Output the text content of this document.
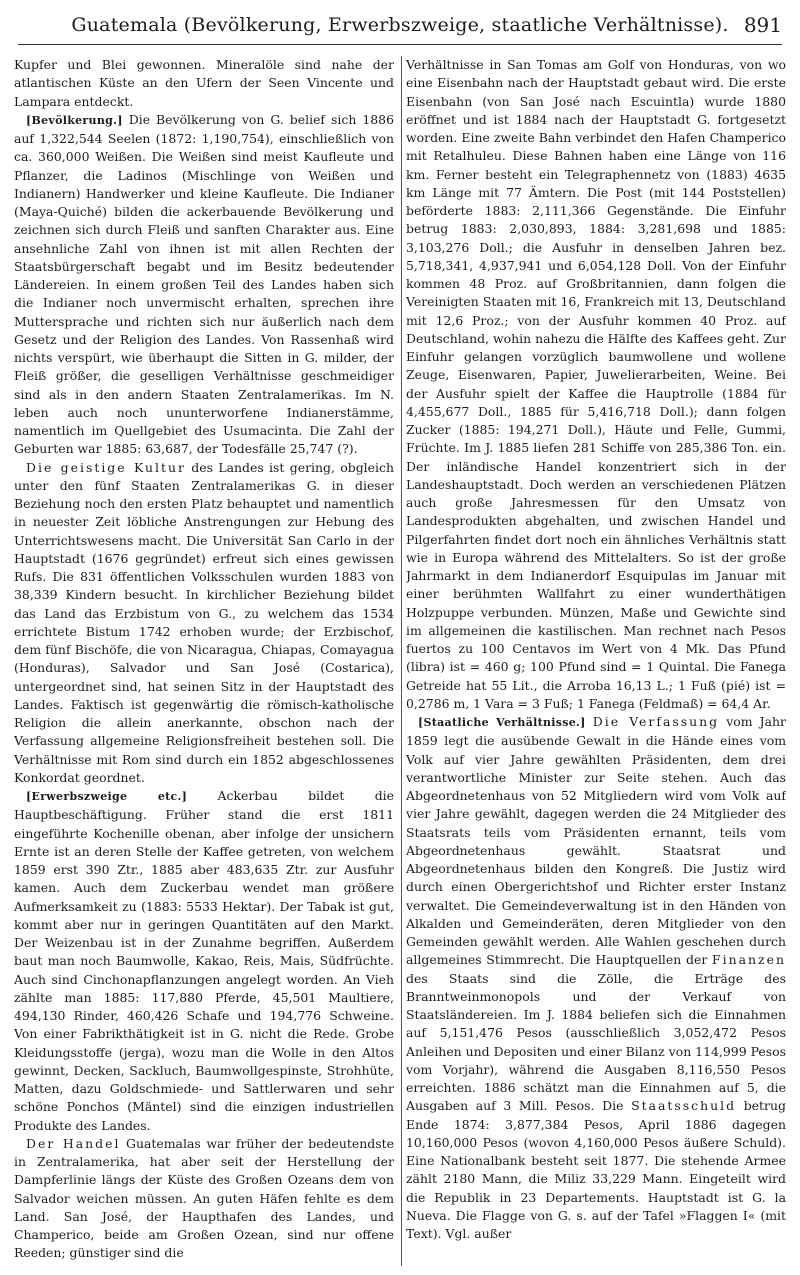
Guatemala (Bevölkerung, Erwerbszweige, staatliche Verhältnisse). 891

Kupfer und Blei gewonnen. Mineralöle sind nahe der atlantischen Küste an den Ufern der Seen Vincente und Lampara entdeckt.

[Bevölkerung.] Die Bevölkerung von G. belief sich 1886 auf 1,322,544 Seelen (1872: 1,190,754), einschließlich von ca. 360,000 Weißen. Die Weißen sind meist Kaufleute und Pflanzer, die Ladinos (Mischlinge von Weißen und Indianern) Handwerker und kleine Kaufleute. Die Indianer (Maya-Quiché) bilden die ackerbauende Bevölkerung und zeichnen sich durch Fleiß und sanften Charakter aus. Eine ansehnliche Zahl von ihnen ist mit allen Rechten der Staatsbürgerschaft begabt und im Besitz bedeutender Ländereien. In einem großen Teil des Landes haben sich die Indianer noch unvermischt erhalten, sprechen ihre Muttersprache und richten sich nur äußerlich nach dem Gesetz und der Religion des Landes. Von Rassenhaß wird nichts verspürt, wie überhaupt die Sitten in G. milder, der Fleiß größer, die geselligen Verhältnisse geschmeidiger sind als in den andern Staaten Zentralamerikas. Im N. leben auch noch ununterworfene Indianerstämme, namentlich im Quellgebiet des Usumacinta. Die Zahl der Geburten war 1885: 63,687, der Todesfälle 25,747 (?).

Die geistige Kultur des Landes ist gering, obgleich unter den fünf Staaten Zentralamerikas G. in dieser Beziehung noch den ersten Platz behauptet und namentlich in neuester Zeit löbliche Anstrengungen zur Hebung des Unterrichtswesens macht. Die Universität San Carlo in der Hauptstadt (1676 gegründet) erfreut sich eines gewissen Rufs. Die 831 öffentlichen Volksschulen wurden 1883 von 38,339 Kindern besucht. In kirchlicher Beziehung bildet das Land das Erzbistum von G., zu welchem das 1534 errichtete Bistum 1742 erhoben wurde; der Erzbischof, dem fünf Bischöfe, die von Nicaragua, Chiapas, Comayagua (Honduras), Salvador und San José (Costarica), untergeordnet sind, hat seinen Sitz in der Hauptstadt des Landes. Faktisch ist gegenwärtig die römisch-katholische Religion die allein anerkannte, obschon nach der Verfassung allgemeine Religionsfreiheit bestehen soll. Die Verhältnisse mit Rom sind durch ein 1852 abgeschlossenes Konkordat geordnet.

[Erwerbszweige etc.] Ackerbau bildet die Hauptbeschäftigung. Früher stand die erst 1811 eingeführte Kochenille obenan, aber infolge der unsichern Ernte ist an deren Stelle der Kaffee getreten, von welchem 1859 erst 390 Ztr., 1885 aber 483,635 Ztr. zur Ausfuhr kamen. Auch dem Zuckerbau wendet man größere Aufmerksamkeit zu (1883: 5533 Hektar). Der Tabak ist gut, kommt aber nur in geringen Quantitäten auf den Markt. Der Weizenbau ist in der Zunahme begriffen. Außerdem baut man noch Baumwolle, Kakao, Reis, Mais, Südfrüchte. Auch sind Cinchonapflanzungen angelegt worden. An Vieh zählte man 1885: 117,880 Pferde, 45,501 Maultiere, 494,130 Rinder, 460,426 Schafe und 194,776 Schweine. Von einer Fabrikthätigkeit ist in G. nicht die Rede. Grobe Kleidungsstoffe (jerga), wozu man die Wolle in den Altos gewinnt, Decken, Sackluch, Baumwollgespinste, Strohhüte, Matten, dazu Goldschmiede- und Sattlerwaren und sehr schöne Ponchos (Mäntel) sind die einzigen industriellen Produkte des Landes.

Der Handel Guatemalas war früher der bedeutendste in Zentralamerika, hat aber seit der Herstellung der Dampferlinie längs der Küste des Großen Ozeans dem von Salvador weichen müssen. An guten Häfen fehlte es dem Land. San José, der Haupthafen des Landes, und Champerico, beide am Großen Ozean, sind nur offene Reeden; günstiger sind die

Verhältnisse in San Tomas am Golf von Honduras, von wo eine Eisenbahn nach der Hauptstadt gebaut wird. Die erste Eisenbahn (von San José nach Escuintla) wurde 1880 eröffnet und ist 1884 nach der Hauptstadt G. fortgesetzt worden. Eine zweite Bahn verbindet den Hafen Champerico mit Retalhuleu. Diese Bahnen haben eine Länge von 116 km. Ferner besteht ein Telegraphennetz von (1883) 4635 km Länge mit 77 Ämtern. Die Post (mit 144 Poststellen) beförderte 1883: 2,111,366 Gegenstände. Die Einfuhr betrug 1883: 2,030,893, 1884: 3,281,698 und 1885: 3,103,276 Doll.; die Ausfuhr in denselben Jahren bez. 5,718,341, 4,937,941 und 6,054,128 Doll. Von der Einfuhr kommen 48 Proz. auf Großbritannien, dann folgen die Vereinigten Staaten mit 16, Frankreich mit 13, Deutschland mit 12,6 Proz.; von der Ausfuhr kommen 40 Proz. auf Deutschland, wohin nahezu die Hälfte des Kaffees geht. Zur Einfuhr gelangen vorzüglich baumwollene und wollene Zeuge, Eisenwaren, Papier, Juwelierarbeiten, Weine. Bei der Ausfuhr spielt der Kaffee die Hauptrolle (1884 für 4,455,677 Doll., 1885 für 5,416,718 Doll.); dann folgen Zucker (1885: 194,271 Doll.), Häute und Felle, Gummi, Früchte. Im J. 1885 liefen 281 Schiffe von 285,386 Ton. ein. Der inländische Handel konzentriert sich in der Landeshauptstadt. Doch werden an verschiedenen Plätzen auch große Jahresmessen für den Umsatz von Landesprodukten abgehalten, und zwischen Handel und Pilgerfahrten findet dort noch ein ähnliches Verhältnis statt wie in Europa während des Mittelalters. So ist der große Jahrmarkt in dem Indianerdorf Esquipulas im Januar mit einer berühmten Wallfahrt zu einer wunderthätigen Holzpuppe verbunden. Münzen, Maße und Gewichte sind im allgemeinen die kastilischen. Man rechnet nach Pesos fuertos zu 100 Centavos im Wert von 4 Mk. Das Pfund (libra) ist = 460 g; 100 Pfund sind = 1 Quintal. Die Fanega Getreide hat 55 Lit., die Arroba 16,13 L.; 1 Fuß (pié) ist = 0,2786 m, 1 Vara = 3 Fuß; 1 Fanega (Feldmaß) = 64,4 Ar.

[Staatliche Verhältnisse.] Die Verfassung vom Jahr 1859 legt die ausübende Gewalt in die Hände eines vom Volk auf vier Jahre gewählten Präsidenten, dem drei verantwortliche Minister zur Seite stehen. Auch das Abgeordnetenhaus von 52 Mitgliedern wird vom Volk auf vier Jahre gewählt, dagegen werden die 24 Mitglieder des Staatsrats teils vom Präsidenten ernannt, teils vom Abgeordnetenhaus gewählt. Staatsrat und Abgeordnetenhaus bilden den Kongreß. Die Justiz wird durch einen Obergerichtshof und Richter erster Instanz verwaltet. Die Gemeindeverwaltung ist in den Händen von Alkalden und Gemeinderäten, deren Mitglieder von den Gemeinden gewählt werden. Alle Wahlen geschehen durch allgemeines Stimmrecht. Die Hauptquellen der Finanzen des Staats sind die Zölle, die Erträge des Branntweinmonopols und der Verkauf von Staatsländereien. Im J. 1884 beliefen sich die Einnahmen auf 5,151,476 Pesos (ausschließlich 3,052,472 Pesos Anleihen und Depositen und einer Bilanz von 114,999 Pesos vom Vorjahr), während die Ausgaben 8,116,550 Pesos erreichten. 1886 schätzt man die Einnahmen auf 5, die Ausgaben auf 3 Mill. Pesos. Die Staatsschuld betrug Ende 1874: 3,877,384 Pesos, April 1886 dagegen 10,160,000 Pesos (wovon 4,160,000 Pesos äußere Schuld). Eine Nationalbank besteht seit 1877. Die stehende Armee zählt 2180 Mann, die Miliz 33,229 Mann. Eingeteilt wird die Republik in 23 Departements. Hauptstadt ist G. la Nueva. Die Flagge von G. s. auf der Tafel »Flaggen I« (mit Text). Vgl. außer
